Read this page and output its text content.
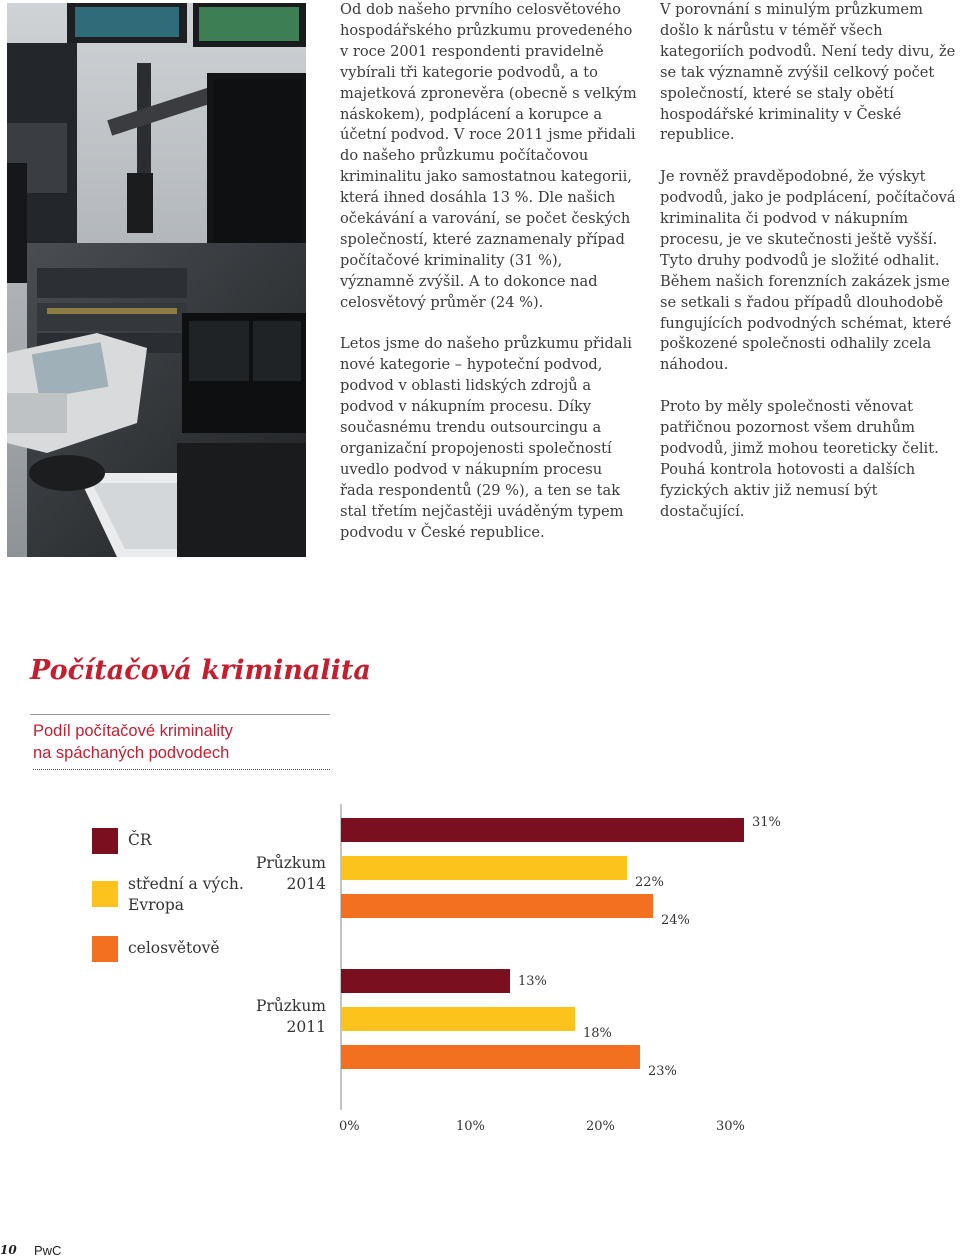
Od dob našeho prvního celosvětového hospodářského průzkumu provedeného v roce 2001 respondenti pravidelně vybírali tři kategorie podvodů, a to majetková zpronevěra (obecně s velkým náskokem), podplácení a korupce a účetní podvod. V roce 2011 jsme přidali do našeho průzkumu počítačovou kriminalitu jako samostatnou kategorii, která ihned dosáhla 13 %. Dle našich očekávání a varování, se počet českých společností, které zaznamenaly případ počítačové kriminality (31 %), významně zvýšil. A to dokonce nad celosvětový průměr (24 %).

Letos jsme do našeho průzkumu přidali nové kategorie – hypoteční podvod, podvod v oblasti lidských zdrojů a podvod v nákupním procesu. Díky současnému trendu outsourcingu a organizační propojenosti společností uvedlo podvod v nákupním procesu řada respondentů (29 %), a ten se tak stal třetím nejčastěji uváděným typem podvodu v České republice.

V porovnání s minulým průzkumem došlo k nárůstu v téměř všech kategoriích podvodů. Není tedy divu, že se tak významně zvýšil celkový počet společností, které se staly obětí hospodářské kriminality v České republice.

Je rovněž pravděpodobné, že výskyt podvodů, jako je podplácení, počítačová kriminalita či podvod v nákupním procesu, je ve skutečnosti ještě vyšší. Tyto druhy podvodů je složité odhalit. Během našich forenzních zakázek jsme se setkali s řadou případů dlouhodobě fungujících podvodných schémat, které poškozené společnosti odhalily zcela náhodou.

Proto by měly společnosti věnovat patřičnou pozornost všem druhům podvodů, jimž mohou teoreticky čelit. Pouhá kontrola hotovosti a dalších fyzických aktiv již nemusí být dostačující.

Počítačová kriminalita
Podíl počítačové kriminality
na spáchaných podvodech
ČR
střední a vých.
Evropa
celosvětově
Průzkum
2014
Průzkum
2011
31%
22%
24%
13%
18%
23%
0%	10%	20%	30%
10 PwC
